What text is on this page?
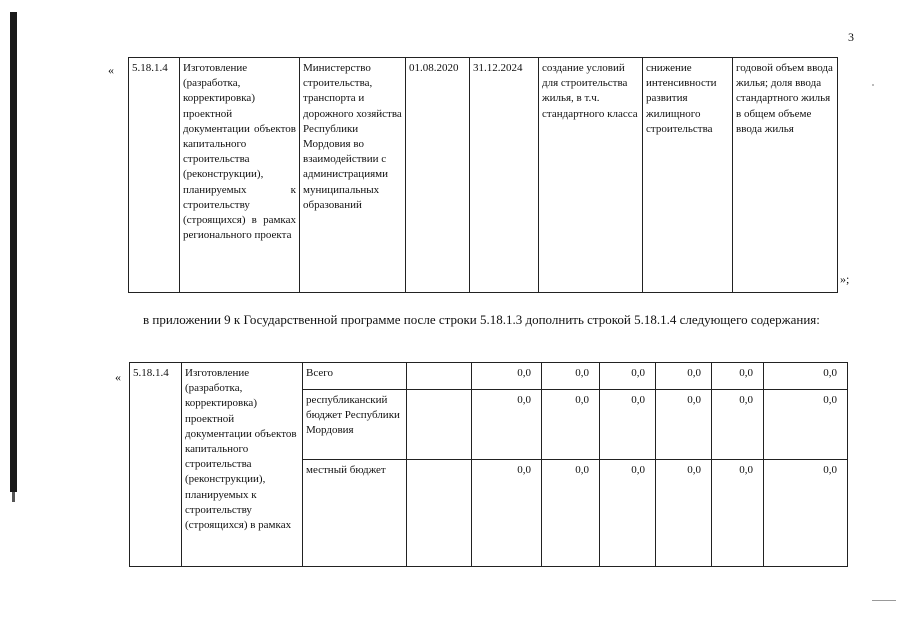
3
« 5.18.1.4	Изготовление (разработка, корректировка) проектной документации объектов капитального строительства (реконструкции), планируемых к строительству (строящихся) в рамках регионального проекта	Министерство строительства, транспорта и дорожного хозяйства Республики Мордовия во взаимодействии с администрациями муниципальных образований	01.08.2020	31.12.2024	создание условий для строительства жилья, в т.ч. стандартного класса	снижение интенсивности развития жилищного строительства	годовой объем ввода жилья; доля ввода стандартного жилья в общем объеме ввода жилья
»;
в приложении 9 к Государственной программе после строки 5.18.1.3 дополнить строкой 5.18.1.4 следующего содержания:
« 5.18.1.4	Изготовление (разработка, корректировка) проектной документации объектов капитального строительства (реконструкции), планируемых к строительству (строящихся) в рамках	Всего		0,0	0,0	0,0	0,0	0,0	0,0
		республиканский бюджет Республики Мордовия		0,0	0,0	0,0	0,0	0,0	0,0
		местный бюджет		0,0	0,0	0,0	0,0	0,0	0,0
